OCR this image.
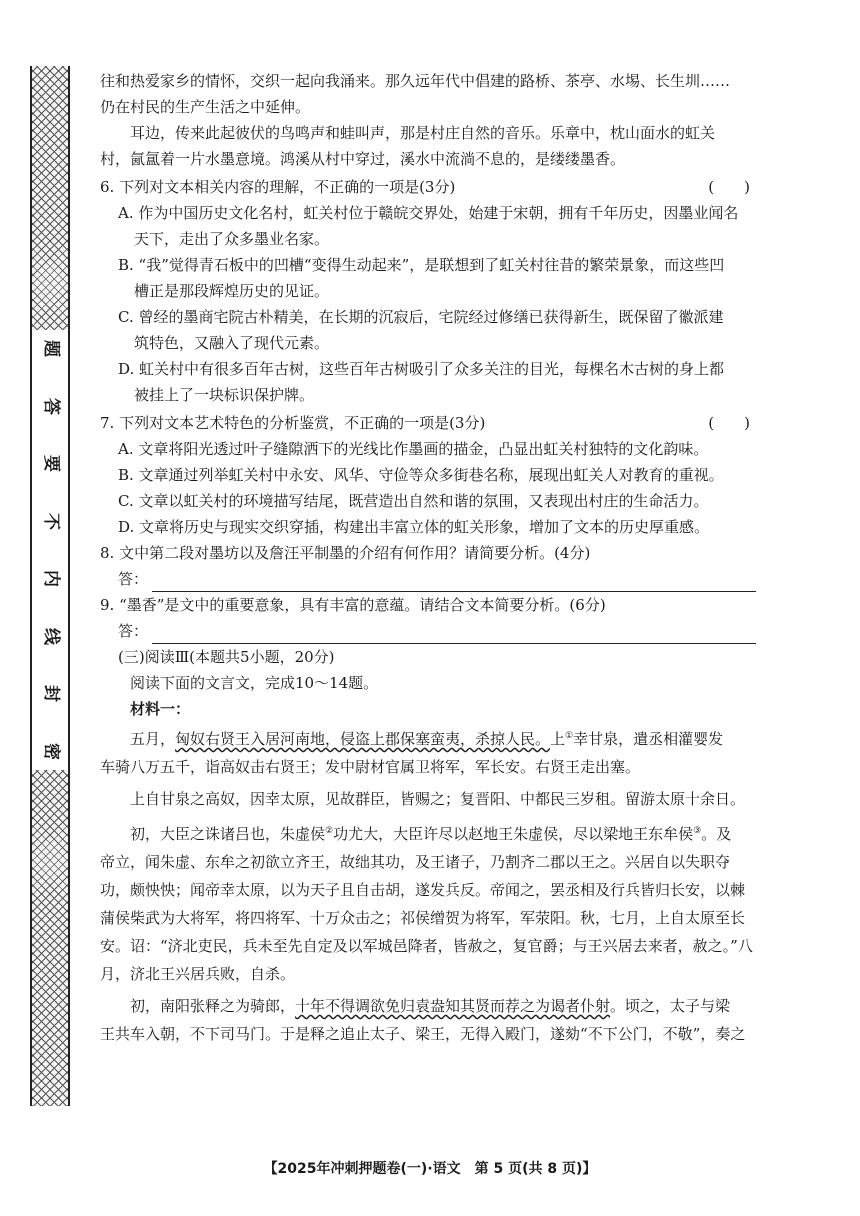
题
答
要
不
内
线
封
密

往和热爱家乡的情怀，交织一起向我涌来。那久远年代中倡建的路桥、茶亭、水埸、长生圳……

仍在村民的生产生活之中延伸。

耳边，传来此起彼伏的鸟鸣声和蛙叫声，那是村庄自然的音乐。乐章中，枕山面水的虹关

村，氤氲着一片水墨意境。鸿溪从村中穿过，溪水中流淌不息的，是缕缕墨香。

6. 下列对文本相关内容的理解，不正确的一项是(3分)	(　　)

A. 作为中国历史文化名村，虹关村位于赣皖交界处，始建于宋朝，拥有千年历史，因墨业闻名

天下，走出了众多墨业名家。

B. “我”觉得青石板中的凹槽“变得生动起来”，是联想到了虹关村往昔的繁荣景象，而这些凹

槽正是那段辉煌历史的见证。

C. 曾经的墨商宅院古朴精美，在长期的沉寂后，宅院经过修缮已获得新生，既保留了徽派建

筑特色，又融入了现代元素。

D. 虹关村中有很多百年古树，这些百年古树吸引了众多关注的目光，每棵名木古树的身上都

被挂上了一块标识保护牌。

7. 下列对文本艺术特色的分析鉴赏，不正确的一项是(3分)	(　　)

A. 文章将阳光透过叶子缝隙洒下的光线比作墨画的描金，凸显出虹关村独特的文化韵味。

B. 文章通过列举虹关村中永安、风华、守俭等众多街巷名称，展现出虹关人对教育的重视。

C. 文章以虹关村的环境描写结尾，既营造出自然和谐的氛围，又表现出村庄的生命活力。

D. 文章将历史与现实交织穿插，构建出丰富立体的虹关形象，增加了文本的历史厚重感。

8. 文中第二段对墨坊以及詹汪平制墨的介绍有何作用？请简要分析。(4分)

答：

9. “墨香”是文中的重要意象，具有丰富的意蕴。请结合文本简要分析。(6分)

答：

(三)阅读Ⅲ(本题共5小题，20分)

阅读下面的文言文，完成10～14题。

材料一：

五月，匈奴右贤王入居河南地，侵盗上郡保塞蛮夷，杀掠人民。上①幸甘泉，遣丞相灌婴发

车骑八万五千，诣高奴击右贤王；发中尉材官属卫将军，军长安。右贤王走出塞。

上自甘泉之高奴，因幸太原，见故群臣，皆赐之；复晋阳、中都民三岁租。留游太原十余日。

初，大臣之诛诸吕也，朱虚侯②功尤大，大臣许尽以赵地王朱虚侯，尽以梁地王东牟侯③。及

帝立，闻朱虚、东牟之初欲立齐王，故绌其功，及王诸子，乃割齐二郡以王之。兴居自以失职夺

功，颇怏怏；闻帝幸太原，以为天子且自击胡，遂发兵反。帝闻之，罢丞相及行兵皆归长安，以棘

蒲侯柴武为大将军，将四将军、十万众击之；祁侯缯贺为将军，军荥阳。秋，七月，上自太原至长

安。诏：“济北吏民，兵未至先自定及以军城邑降者，皆赦之，复官爵；与王兴居去来者，赦之。”八

月，济北王兴居兵败，自杀。

初，南阳张释之为骑郎，十年不得调欲免归袁盎知其贤而荐之为谒者仆射。顷之，太子与梁

王共车入朝，不下司马门。于是释之追止太子、梁王，无得入殿门，遂劾“不下公门，不敬”，奏之

【2025年冲刺押题卷(一)·语文　第 5 页(共 8 页)】
